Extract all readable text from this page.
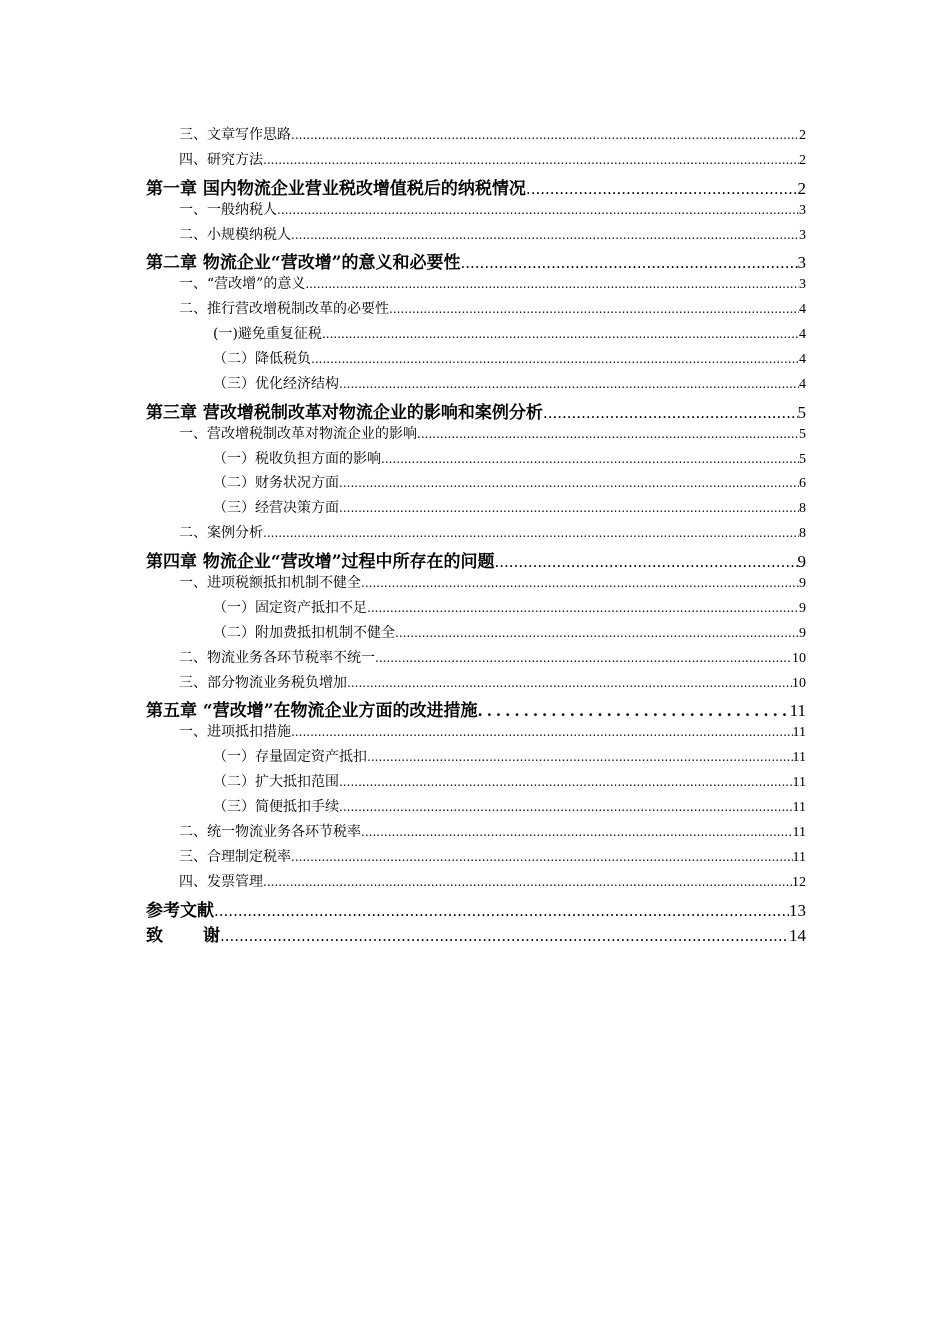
三、文章写作思路 .....	2
四、研究方法 .....	2
第一章 国内物流企业营业税改增值税后的纳税情况 .....	2
一、一般纳税人 .....	3
二、小规模纳税人 .....	3
第二章 物流企业“营改增”的意义和必要性 .....	3
一、“营改增”的意义 .....	3
二、推行营改增税制改革的必要性 .....	4
(一)避免重复征税 .....	4
（二）降低税负 .....	4
（三）优化经济结构 .....	4
第三章 营改增税制改革对物流企业的影响和案例分析 .....	5
一、营改增税制改革对物流企业的影响 .....	5
（一）税收负担方面的影响 .....	5
（二）财务状况方面 .....	6
（三）经营决策方面 .....	8
二、案例分析 .....	8
第四章 物流企业“营改增”过程中所存在的问题 .....	9
一、进项税额抵扣机制不健全 .....	9
（一）固定资产抵扣不足 .....	9
（二）附加费抵扣机制不健全 .....	9
二、物流业务各环节税率不统一 .....	10
三、部分物流业务税负增加 .....	10
第五章 “营改增”在物流企业方面的改进措施 .....	11
一、进项抵扣措施 .....	11
（一）存量固定资产抵扣 .....	11
（二）扩大抵扣范围 .....	11
（三）简便抵扣手续 .....	11
二、统一物流业务各环节税率 .....	11
三、合理制定税率 .....	11
四、发票管理 .....	12
参考文献 .....	13
致 谢 .....	14
